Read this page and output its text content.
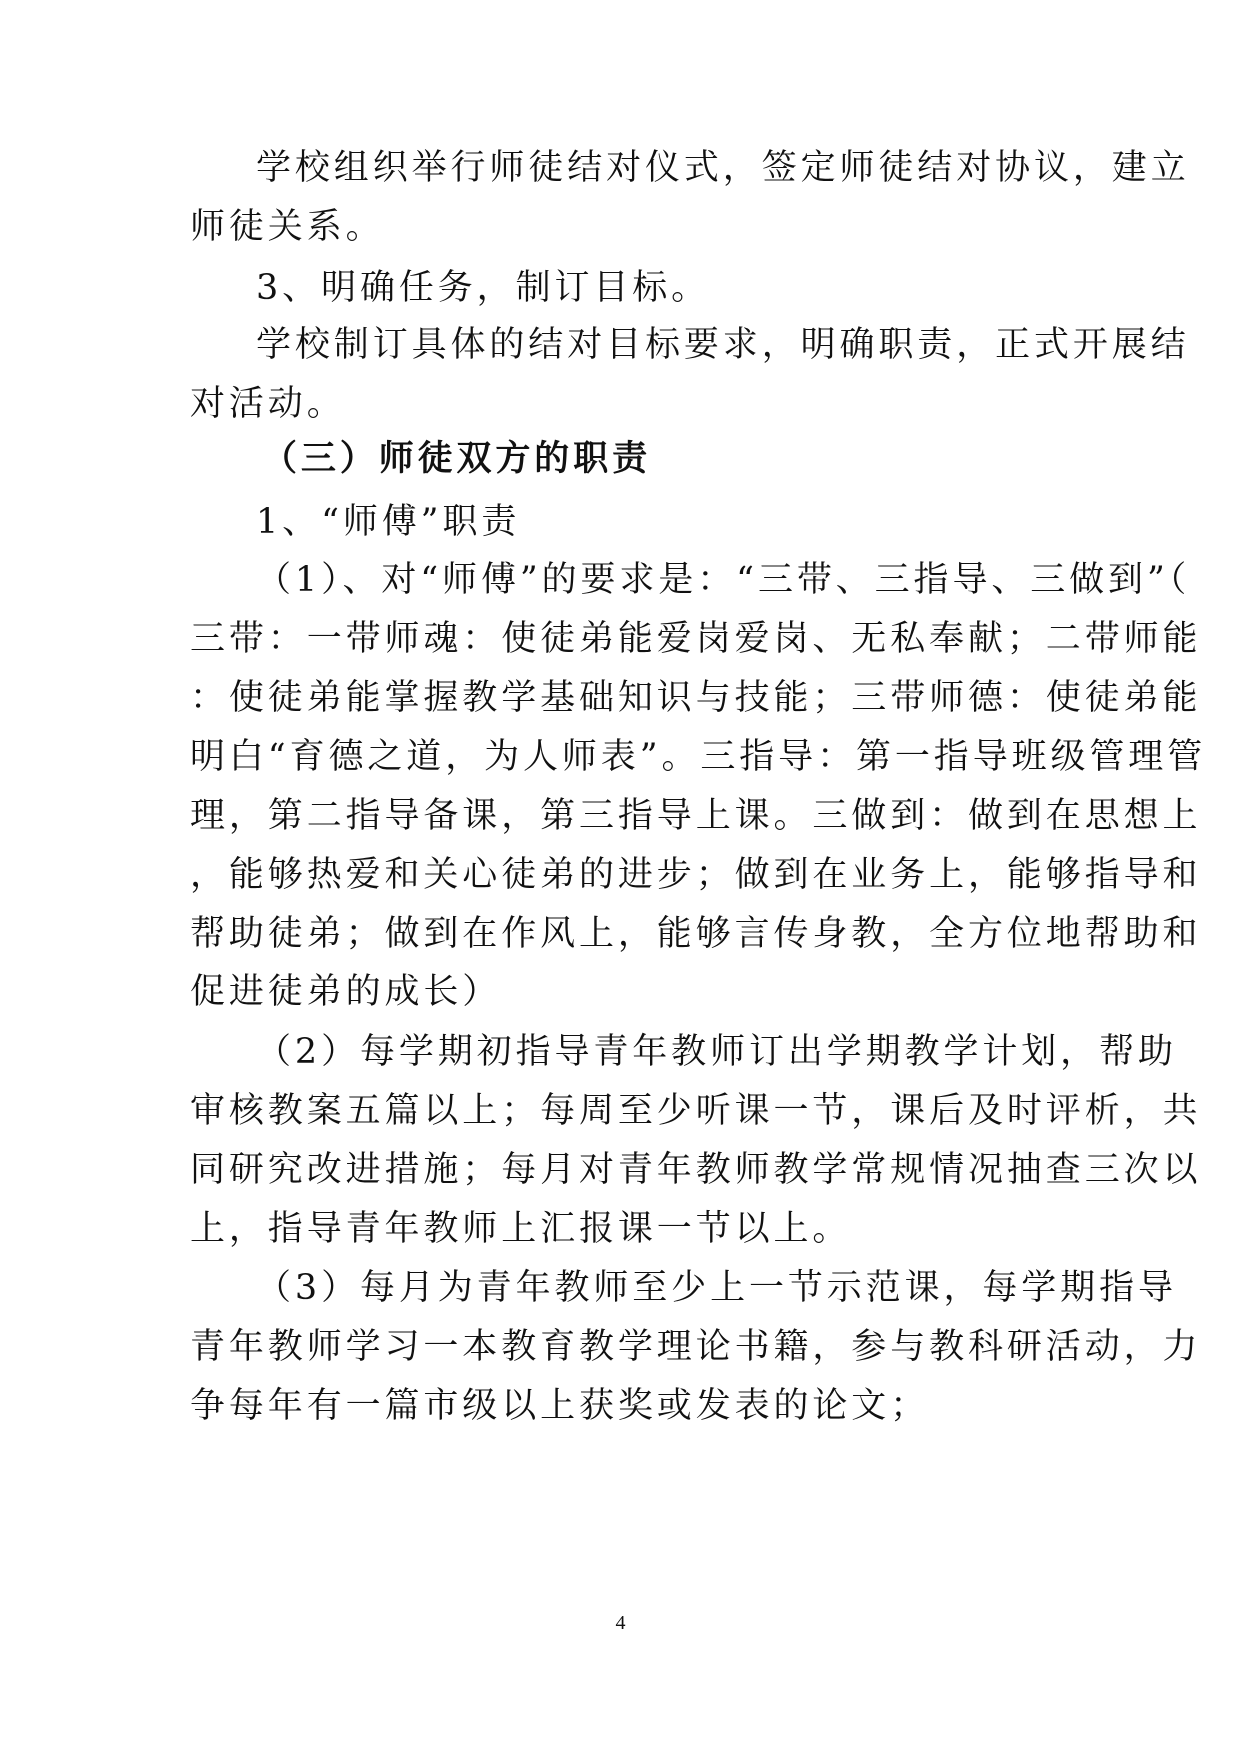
学校组织举行师徒结对仪式，签定师徒结对协议，建立
师徒关系。
3、明确任务，制订目标。
学校制订具体的结对目标要求，明确职责，正式开展结
对活动。
（三）师徒双方的职责
1、“师傅”职责
（1）、对“师傅”的要求是：“三带、三指导、三做到”（
三带：一带师魂：使徒弟能爱岗爱岗、无私奉献；二带师能
：使徒弟能掌握教学基础知识与技能；三带师德：使徒弟能
明白“育德之道，为人师表”。三指导：第一指导班级管理管
理，第二指导备课，第三指导上课。三做到：做到在思想上
，能够热爱和关心徒弟的进步；做到在业务上，能够指导和
帮助徒弟；做到在作风上，能够言传身教，全方位地帮助和
促进徒弟的成长）
（2）每学期初指导青年教师订出学期教学计划，帮助
审核教案五篇以上；每周至少听课一节，课后及时评析，共
同研究改进措施；每月对青年教师教学常规情况抽查三次以
上，指导青年教师上汇报课一节以上。
（3）每月为青年教师至少上一节示范课，每学期指导
青年教师学习一本教育教学理论书籍，参与教科研活动，力
争每年有一篇市级以上获奖或发表的论文；
4
